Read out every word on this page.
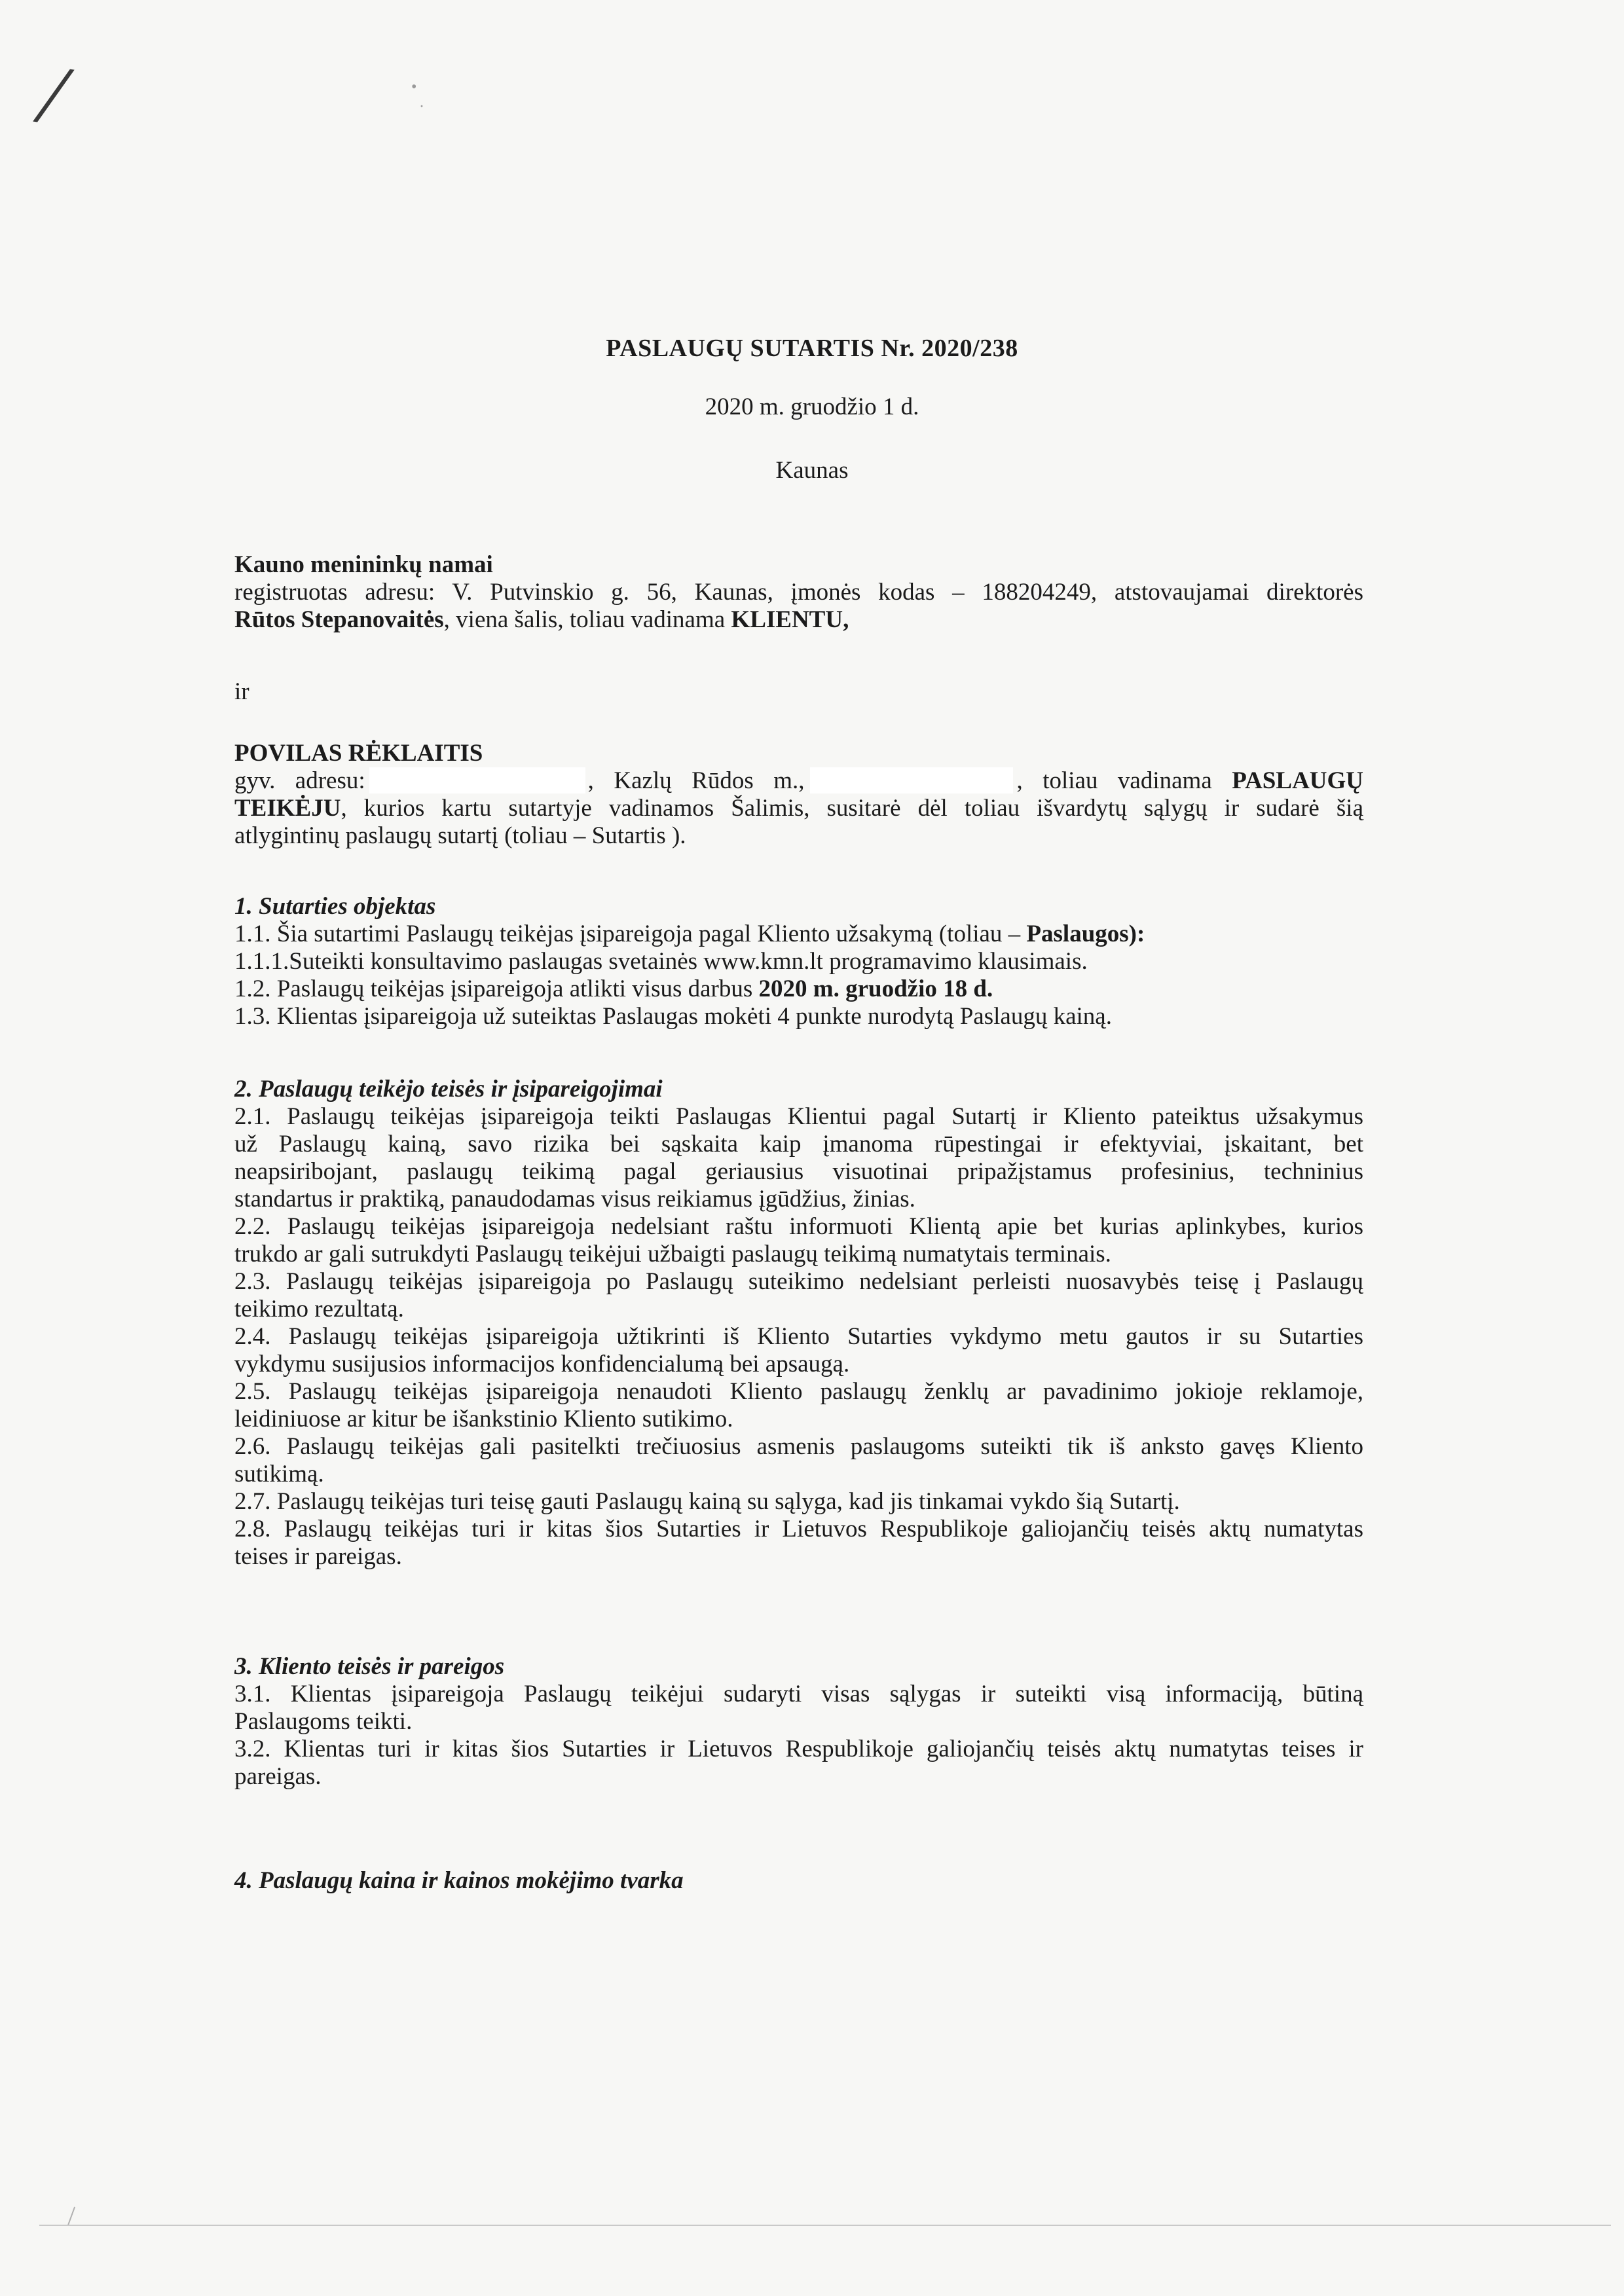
/	•
·
PASLAUGŲ SUTARTIS Nr. 2020/238
2020 m. gruodžio 1 d.
Kaunas
Kauno menininkų namai
registruotas adresu: V. Putvinskio g. 56, Kaunas, įmonės kodas – 188204249, atstovaujamai direktorės
Rūtos Stepanovaitės, viena šalis, toliau vadinama KLIENTU,
ir
POVILAS RĖKLAITIS
gyv. adresu:	, Kazlų Rūdos m.,	, toliau vadinama PASLAUGŲ
TEIKĖJU, kurios kartu sutartyje vadinamos Šalimis, susitarė dėl toliau išvardytų sąlygų ir sudarė šią
atlygintinų paslaugų sutartį (toliau – Sutartis ).
1. Sutarties objektas
1.1. Šia sutartimi Paslaugų teikėjas įsipareigoja pagal Kliento užsakymą (toliau – Paslaugos):
1.1.1.Suteikti konsultavimo paslaugas svetainės www.kmn.lt programavimo klausimais.
1.2. Paslaugų teikėjas įsipareigoja atlikti visus darbus 2020 m. gruodžio 18 d.
1.3. Klientas įsipareigoja už suteiktas Paslaugas mokėti 4 punkte nurodytą Paslaugų kainą.
2. Paslaugų teikėjo teisės ir įsipareigojimai
2.1. Paslaugų teikėjas įsipareigoja teikti Paslaugas Klientui pagal Sutartį ir Kliento pateiktus užsakymus
už Paslaugų kainą, savo rizika bei sąskaita kaip įmanoma rūpestingai ir efektyviai, įskaitant, bet
neapsiribojant, paslaugų teikimą pagal geriausius visuotinai pripažįstamus profesinius, techninius
standartus ir praktiką, panaudodamas visus reikiamus įgūdžius, žinias.
2.2. Paslaugų teikėjas įsipareigoja nedelsiant raštu informuoti Klientą apie bet kurias aplinkybes, kurios
trukdo ar gali sutrukdyti Paslaugų teikėjui užbaigti paslaugų teikimą numatytais terminais.
2.3. Paslaugų teikėjas įsipareigoja po Paslaugų suteikimo nedelsiant perleisti nuosavybės teisę į Paslaugų
teikimo rezultatą.
2.4. Paslaugų teikėjas įsipareigoja užtikrinti iš Kliento Sutarties vykdymo metu gautos ir su Sutarties
vykdymu susijusios informacijos konfidencialumą bei apsaugą.
2.5. Paslaugų teikėjas įsipareigoja nenaudoti Kliento paslaugų ženklų ar pavadinimo jokioje reklamoje,
leidiniuose ar kitur be išankstinio Kliento sutikimo.
2.6. Paslaugų teikėjas gali pasitelkti trečiuosius asmenis paslaugoms suteikti tik iš anksto gavęs Kliento
sutikimą.
2.7. Paslaugų teikėjas turi teisę gauti Paslaugų kainą su sąlyga, kad jis tinkamai vykdo šią Sutartį.
2.8. Paslaugų teikėjas turi ir kitas šios Sutarties ir Lietuvos Respublikoje galiojančių teisės aktų numatytas
teises ir pareigas.
3. Kliento teisės ir pareigos
3.1. Klientas įsipareigoja Paslaugų teikėjui sudaryti visas sąlygas ir suteikti visą informaciją, būtiną
Paslaugoms teikti.
3.2. Klientas turi ir kitas šios Sutarties ir Lietuvos Respublikoje galiojančių teisės aktų numatytas teises ir
pareigas.
4. Paslaugų kaina ir kainos mokėjimo tvarka
